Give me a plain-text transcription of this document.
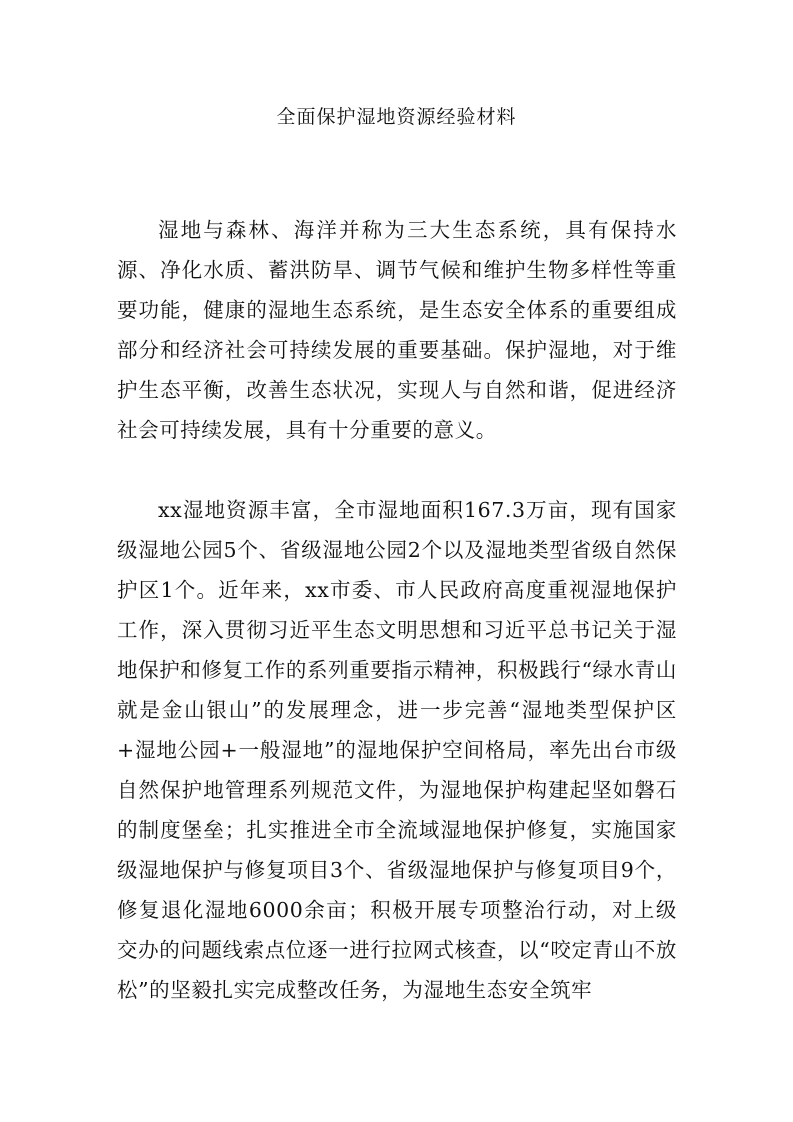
全面保护湿地资源经验材料

湿地与森林、海洋并称为三大生态系统，具有保持水源、净化水质、蓄洪防旱、调节气候和维护生物多样性等重要功能，健康的湿地生态系统，是生态安全体系的重要组成部分和经济社会可持续发展的重要基础。保护湿地，对于维护生态平衡，改善生态状况，实现人与自然和谐，促进经济社会可持续发展，具有十分重要的意义。

xx湿地资源丰富，全市湿地面积167.3万亩，现有国家级湿地公园5个、省级湿地公园2个以及湿地类型省级自然保护区1个。近年来，xx市委、市人民政府高度重视湿地保护工作，深入贯彻习近平生态文明思想和习近平总书记关于湿地保护和修复工作的系列重要指示精神，积极践行“绿水青山就是金山银山”的发展理念，进一步完善“湿地类型保护区+湿地公园+一般湿地”的湿地保护空间格局，率先出台市级自然保护地管理系列规范文件，为湿地保护构建起坚如磐石的制度堡垒；扎实推进全市全流域湿地保护修复，实施国家级湿地保护与修复项目3个、省级湿地保护与修复项目9个，修复退化湿地6000余亩；积极开展专项整治行动，对上级交办的问题线索点位逐一进行拉网式核查，以“咬定青山不放松”的坚毅扎实完成整改任务，为湿地生态安全筑牢
